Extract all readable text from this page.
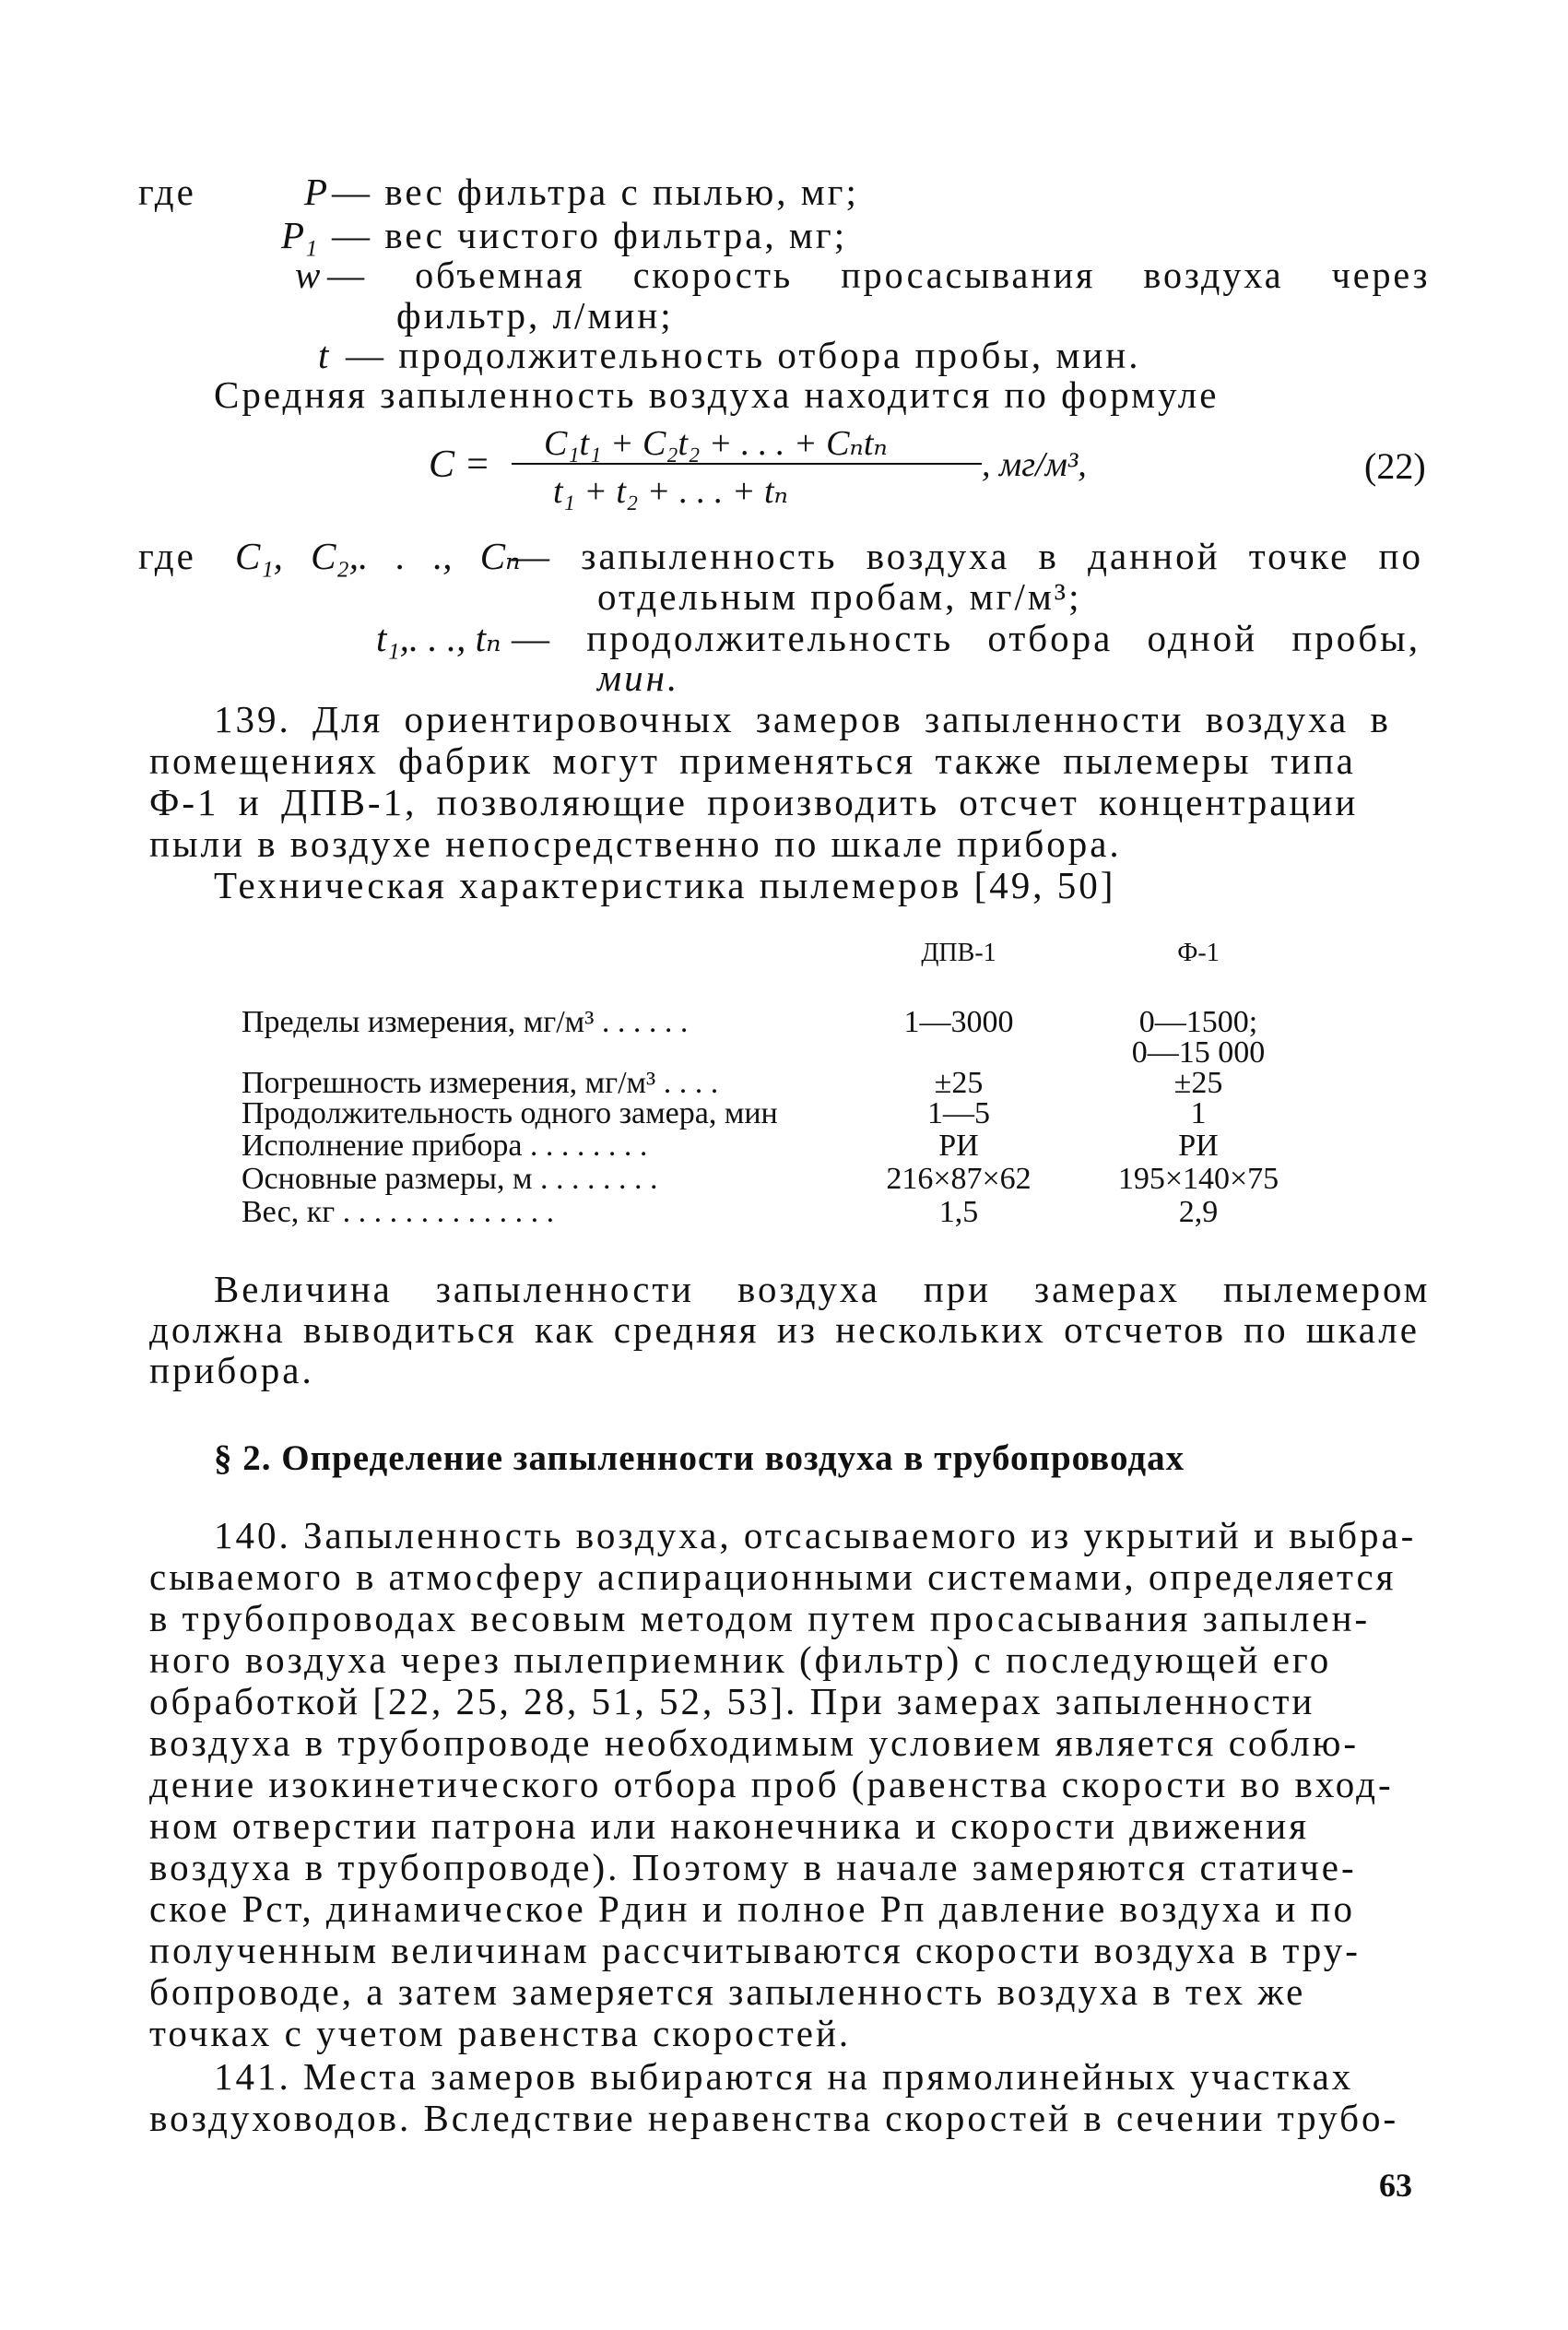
где	P — вес фильтра с пылью, мг;
P₁ — вес чистого фильтра, мг;
w — объемная скорость просасывания воздуха через
фильтр, л/мин;
t — продолжительность отбора пробы, мин.
Средняя запыленность воздуха находится по формуле
C = C₁t₁ + C₂t₂ + . . . + Cₙtₙ
t₁ + t₂ + . . . + tₙ
, мг/м³,	(22)
где C₁, C₂,. . ., Cₙ
— запыленность воздуха в данной точке по
отдельным пробам, мг/м³;
t₁,. . ., tₙ — продолжительность отбора одной пробы,
мин.
139. Для ориентировочных замеров запыленности воздуха в
помещениях фабрик могут применяться также пылемеры типа
Ф-1 и ДПВ-1, позволяющие производить отсчет концентрации
пыли в воздухе непосредственно по шкале прибора.
Техническая характеристика пылемеров [49, 50]
ДПВ-1	Ф-1
Пределы измерения, мг/м³ . . . . . .	1—3000	0—1500;
0—15 000
Погрешность измерения, мг/м³ . . . .	±25	±25
Продолжительность одного замера, мин	1—5	1
Исполнение прибора . . . . . . . .	РИ	РИ
Основные размеры, м . . . . . . . .	216×87×62	195×140×75
Вес, кг . . . . . . . . . . . . . .	1,5	2,9
Величина запыленности воздуха при замерах пылемером
должна выводиться как средняя из нескольких отсчетов по шкале
прибора.
§ 2. Определение запыленности воздуха в трубопроводах
140. Запыленность воздуха, отсасываемого из укрытий и выбра-
сываемого в атмосферу аспирационными системами, определяется
в трубопроводах весовым методом путем просасывания запылен-
ного воздуха через пылеприемник (фильтр) с последующей его
обработкой [22, 25, 28, 51, 52, 53]. При замерах запыленности
воздуха в трубопроводе необходимым условием является соблю-
дение изокинетического отбора проб (равенства скорости во вход-
ном отверстии патрона или наконечника и скорости движения
воздуха в трубопроводе). Поэтому в начале замеряются статиче-
ское Pст, динамическое Pдин и полное Pп давление воздуха и по
полученным величинам рассчитываются скорости воздуха в тру-
бопроводе, а затем замеряется запыленность воздуха в тех же
точках с учетом равенства скоростей.
141. Места замеров выбираются на прямолинейных участках
воздуховодов. Вследствие неравенства скоростей в сечении трубо-
63
